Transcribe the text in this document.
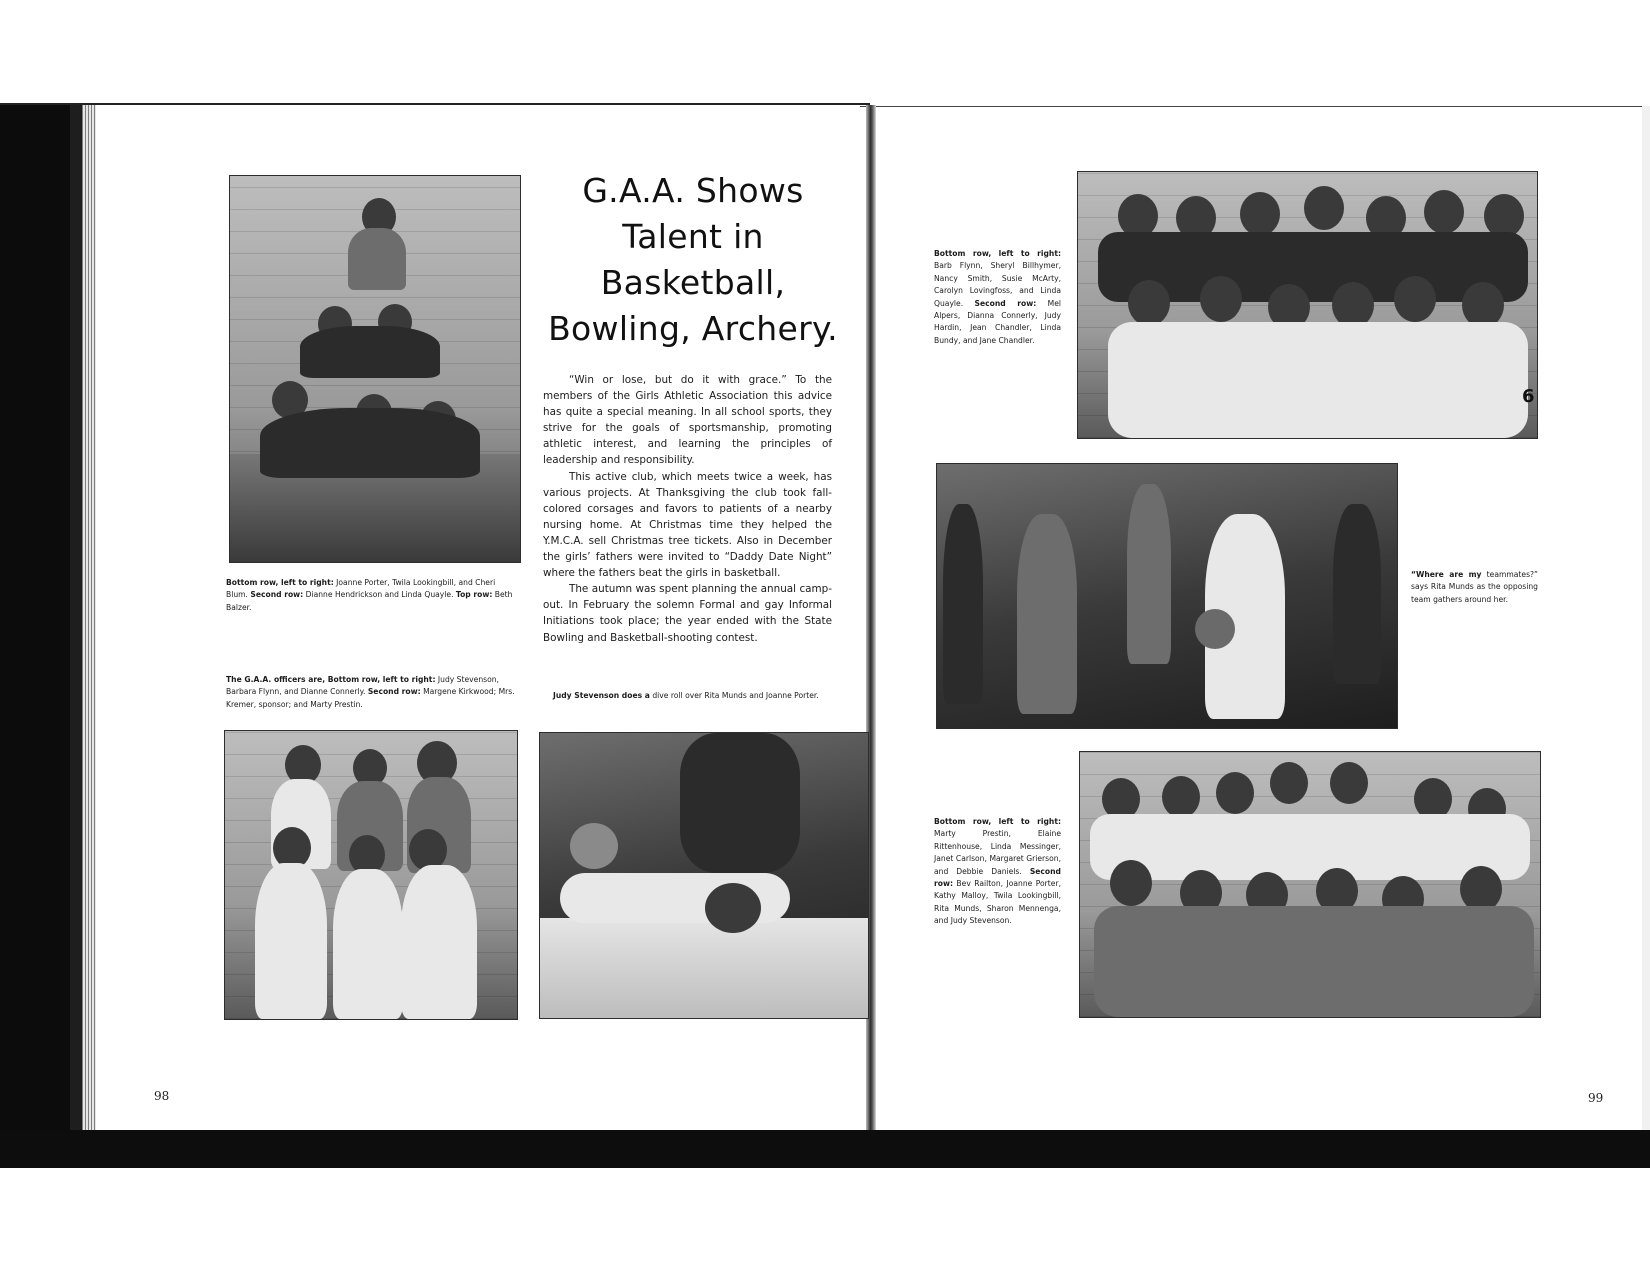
G.A.A. Shows Talent in Basketball, Bowling, Archery.

“Win or lose, but do it with grace.” To the members of the Girls Athletic Association this advice has quite a special meaning. In all school sports, they strive for the goals of sportsmanship, promoting athletic interest, and learning the principles of leadership and responsibility.

This active club, which meets twice a week, has various projects. At Thanksgiving the club took fall-colored corsages and favors to patients of a nearby nursing home. At Christmas time they helped the Y.M.C.A. sell Christmas tree tickets. Also in December the girls’ fathers were invited to “Daddy Date Night” where the fathers beat the girls in basketball.

The autumn was spent planning the annual camp-out. In February the solemn Formal and gay Informal Initiations took place; the year ended with the State Bowling and Basketball-shooting contest.

Bottom row, left to right: Joanne Porter, Twila Lookingbill, and Cheri Blum. Second row: Dianne Hendrickson and Linda Quayle. Top row: Beth Balzer.
The G.A.A. officers are, Bottom row, left to right: Judy Stevenson, Barbara Flynn, and Dianne Connerly. Second row: Margene Kirkwood; Mrs. Kremer, sponsor; and Marty Prestin.
Judy Stevenson does a dive roll over Rita Munds and Joanne Porter.
98
Bottom row, left to right: Barb Flynn, Sheryl Billhymer, Nancy Smith, Susie McArty, Carolyn Lovingfoss, and Linda Quayle. Second row: Mel Alpers, Dianna Connerly, Judy Hardin, Jean Chandler, Linda Bundy, and Jane Chandler.
6
“Where are my teammates?” says Rita Munds as the opposing team gathers around her.
Bottom row, left to right: Marty Prestin, Elaine Rittenhouse, Linda Messinger, Janet Carlson, Margaret Grierson, and Debbie Daniels. Second row: Bev Railton, Joanne Porter, Kathy Malloy, Twila Lookingbill, Rita Munds, Sharon Mennenga, and Judy Stevenson.
99
